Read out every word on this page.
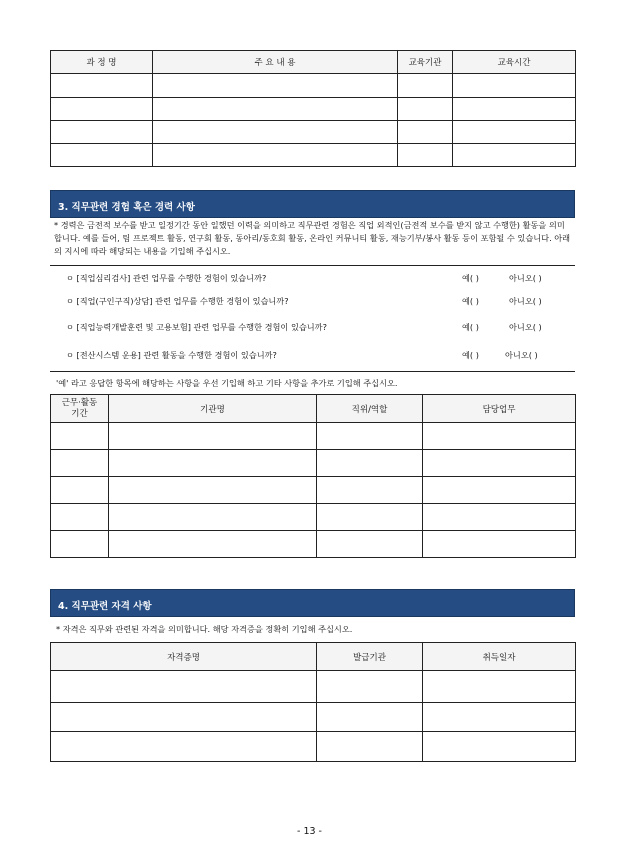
과 정 명	주 요 내 용	교육기관	교육시간

3. 직무관련 경험 혹은 경력 사항
* 경력은 금전적 보수를 받고 일정기간 동안 일했던 이력을 의미하고 직무관련 경험은 직업 외적인(금전적 보수를 받지 않고 수행한) 활동을 의미합니다. 예를 들어, 팀 프로젝트 활동, 연구회 활동, 동아리/동호회 활동, 온라인 커뮤니티 활동, 재능기부/봉사 활동 등이 포함될 수 있습니다. 아래의 지시에 따라 해당되는 내용을 기입해 주십시오.
ㅇ [직업심리검사] 관련 업무를 수행한 경험이 있습니까?	예( )	아니오( )
ㅇ [직업(구인구직)상담] 관련 업무를 수행한 경험이 있습니까?	예( )	아니오( )
ㅇ [직업능력개발훈련 및 고용보험] 관련 업무를 수행한 경험이 있습니까?	예( )	아니오( )
ㅇ [전산시스템 운용] 관련 활동을 수행한 경험이 있습니까?	예( )	아니오( )
'예' 라고 응답한 항목에 해당하는 사항을 우선 기입해 하고 기타 사항을 추가로 기입해 주십시오.
근무·활동
기간	기관명	직위/역할	담당업무

4. 직무관련 자격 사항
* 자격은 직무와 관련된 자격을 의미합니다. 해당 자격증을 정확히 기입해 주십시오.
자격증명	발급기관	취득일자

- 13 -
